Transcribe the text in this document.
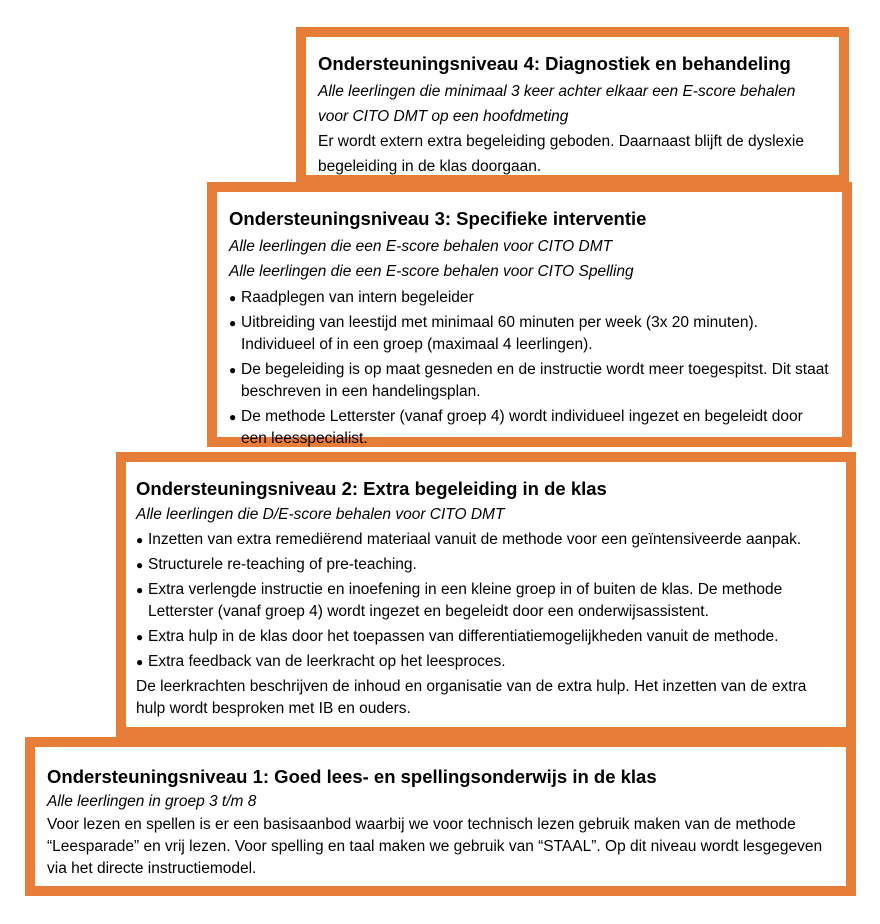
Ondersteuningsniveau 4: Diagnostiek en behandeling

Alle leerlingen die minimaal 3 keer achter elkaar een E-score behalen voor CITO DMT op een hoofdmeting

Er wordt extern extra begeleiding geboden. Daarnaast blijft de dyslexie begeleiding in de klas doorgaan.

Ondersteuningsniveau 3: Specifieke interventie

Alle leerlingen die een E-score behalen voor CITO DMT

Alle leerlingen die een E-score behalen voor CITO Spelling

● Raadplegen van intern begeleider
● Uitbreiding van leestijd met minimaal 60 minuten per week (3x 20 minuten). Individueel of in een groep (maximaal 4 leerlingen).
● De begeleiding is op maat gesneden en de instructie wordt meer toegespitst. Dit staat beschreven in een handelingsplan.
● De methode Letterster (vanaf groep 4) wordt individueel ingezet en begeleidt door een leesspecialist.
Ondersteuningsniveau 2: Extra begeleiding in de klas

Alle leerlingen die D/E-score behalen voor CITO DMT

● Inzetten van extra remediërend materiaal vanuit de methode voor een geïntensiveerde aanpak.
● Structurele re-teaching of pre-teaching.
● Extra verlengde instructie en inoefening in een kleine groep in of buiten de klas. De methode Letterster (vanaf groep 4) wordt ingezet en begeleidt door een onderwijsassistent.
● Extra hulp in de klas door het toepassen van differentiatiemogelijkheden vanuit de methode.
● Extra feedback van de leerkracht op het leesproces.

De leerkrachten beschrijven de inhoud en organisatie van de extra hulp. Het inzetten van de extra hulp wordt besproken met IB en ouders.

Ondersteuningsniveau 1: Goed lees- en spellingsonderwijs in de klas

Alle leerlingen in groep 3 t/m 8

Voor lezen en spellen is er een basisaanbod waarbij we voor technisch lezen gebruik maken van de methode “Leesparade” en vrij lezen. Voor spelling en taal maken we gebruik van “STAAL”. Op dit niveau wordt lesgegeven via het directe instructiemodel.
